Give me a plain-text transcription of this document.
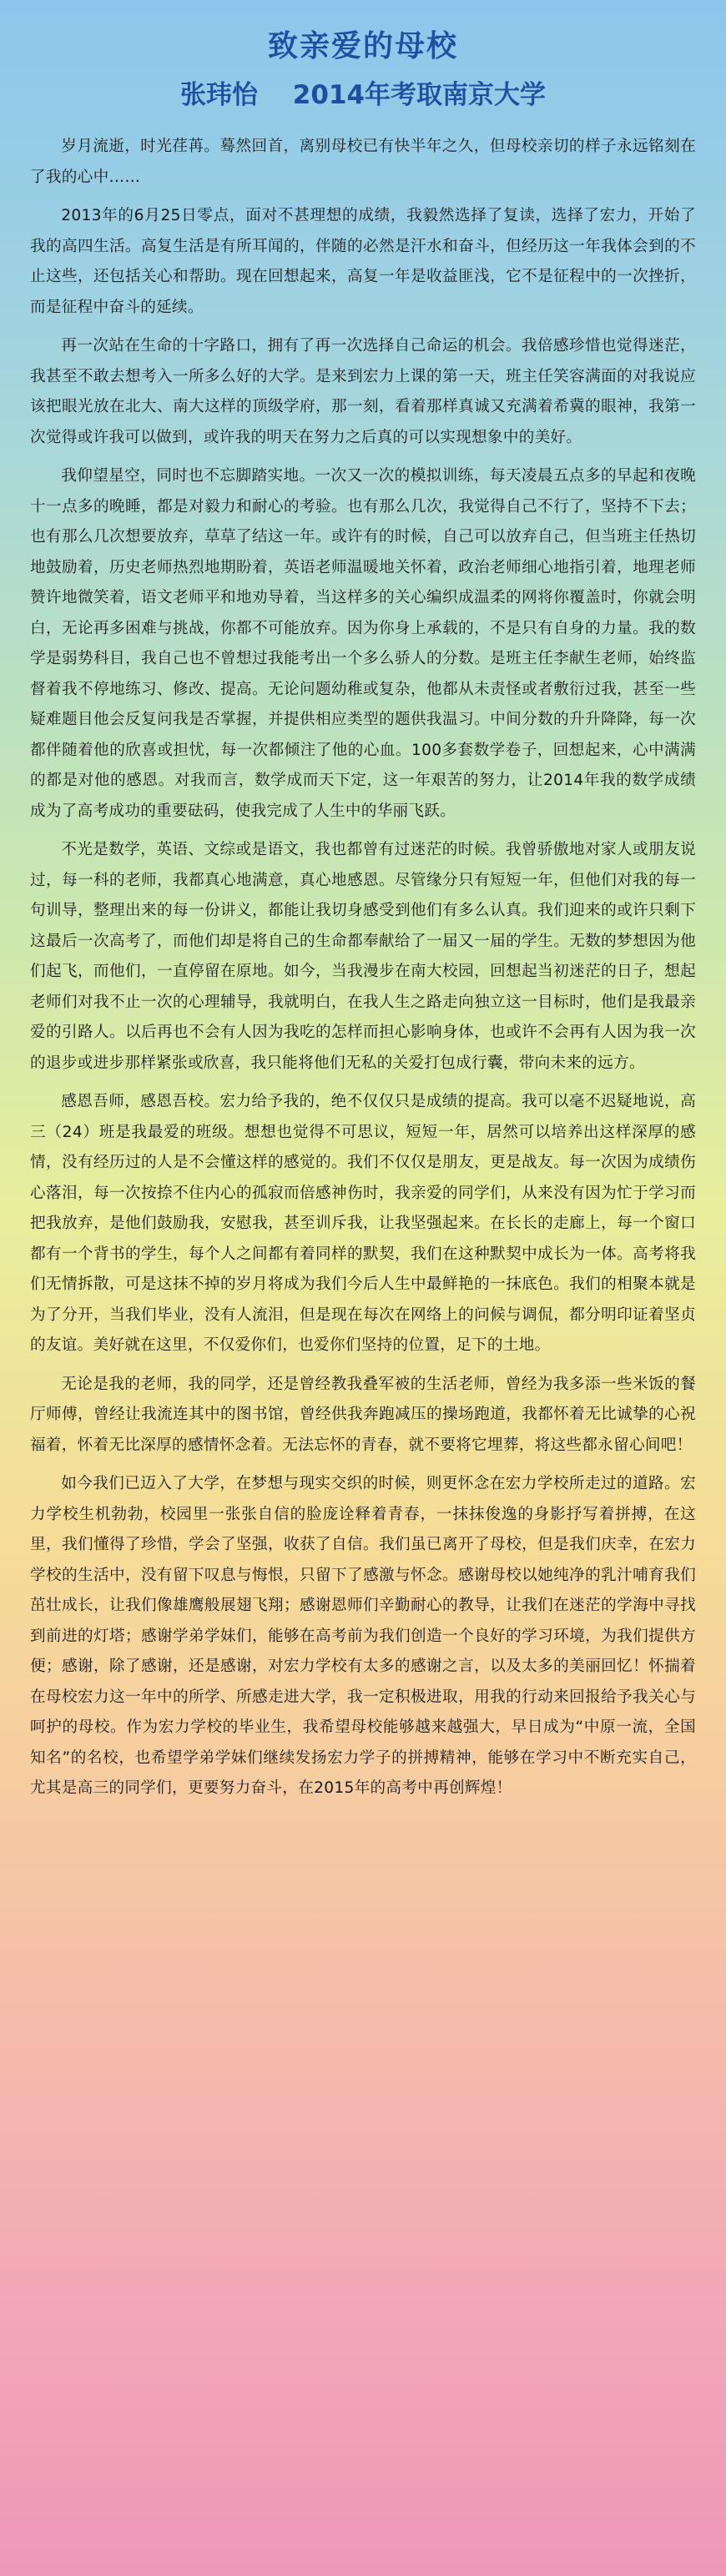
致亲爱的母校
张玮怡　 2014年考取南京大学

岁月流逝，时光荏苒。蓦然回首，离别母校已有快半年之久，但母校亲切的样子永远铭刻在了我的心中……

2013年的6月25日零点，面对不甚理想的成绩，我毅然选择了复读，选择了宏力，开始了我的高四生活。高复生活是有所耳闻的，伴随的必然是汗水和奋斗，但经历这一年我体会到的不止这些，还包括关心和帮助。现在回想起来，高复一年是收益匪浅，它不是征程中的一次挫折，而是征程中奋斗的延续。

再一次站在生命的十字路口，拥有了再一次选择自己命运的机会。我倍感珍惜也觉得迷茫，我甚至不敢去想考入一所多么好的大学。是来到宏力上课的第一天，班主任笑容满面的对我说应该把眼光放在北大、南大这样的顶级学府，那一刻，看着那样真诚又充满着希冀的眼神，我第一次觉得或许我可以做到，或许我的明天在努力之后真的可以实现想象中的美好。

我仰望星空，同时也不忘脚踏实地。一次又一次的模拟训练，每天凌晨五点多的早起和夜晚十一点多的晚睡，都是对毅力和耐心的考验。也有那么几次，我觉得自己不行了，坚持不下去；也有那么几次想要放弃，草草了结这一年。或许有的时候，自己可以放弃自己，但当班主任热切地鼓励着，历史老师热烈地期盼着，英语老师温暖地关怀着，政治老师细心地指引着，地理老师赞许地微笑着，语文老师平和地劝导着，当这样多的关心编织成温柔的网将你覆盖时，你就会明白，无论再多困难与挑战，你都不可能放弃。因为你身上承载的，不是只有自身的力量。我的数学是弱势科目，我自己也不曾想过我能考出一个多么骄人的分数。是班主任李献生老师，始终监督着我不停地练习、修改、提高。无论问题幼稚或复杂，他都从未责怪或者敷衍过我，甚至一些疑难题目他会反复问我是否掌握，并提供相应类型的题供我温习。中间分数的升升降降，每一次都伴随着他的欣喜或担忧，每一次都倾注了他的心血。100多套数学卷子，回想起来，心中满满的都是对他的感恩。对我而言，数学成而天下定，这一年艰苦的努力，让2014年我的数学成绩成为了高考成功的重要砝码，使我完成了人生中的华丽飞跃。

不光是数学，英语、文综或是语文，我也都曾有过迷茫的时候。我曾骄傲地对家人或朋友说过，每一科的老师，我都真心地满意，真心地感恩。尽管缘分只有短短一年，但他们对我的每一句训导，整理出来的每一份讲义，都能让我切身感受到他们有多么认真。我们迎来的或许只剩下这最后一次高考了，而他们却是将自己的生命都奉献给了一届又一届的学生。无数的梦想因为他们起飞，而他们，一直停留在原地。如今，当我漫步在南大校园，回想起当初迷茫的日子，想起老师们对我不止一次的心理辅导，我就明白，在我人生之路走向独立这一目标时，他们是我最亲爱的引路人。以后再也不会有人因为我吃的怎样而担心影响身体，也或许不会再有人因为我一次的退步或进步那样紧张或欣喜，我只能将他们无私的关爱打包成行囊，带向未来的远方。

感恩吾师，感恩吾校。宏力给予我的，绝不仅仅只是成绩的提高。我可以毫不迟疑地说，高三（24）班是我最爱的班级。想想也觉得不可思议，短短一年，居然可以培养出这样深厚的感情，没有经历过的人是不会懂这样的感觉的。我们不仅仅是朋友，更是战友。每一次因为成绩伤心落泪，每一次按捺不住内心的孤寂而倍感神伤时，我亲爱的同学们，从来没有因为忙于学习而把我放弃，是他们鼓励我，安慰我，甚至训斥我，让我坚强起来。在长长的走廊上，每一个窗口都有一个背书的学生，每个人之间都有着同样的默契，我们在这种默契中成长为一体。高考将我们无情拆散，可是这抹不掉的岁月将成为我们今后人生中最鲜艳的一抹底色。我们的相聚本就是为了分开，当我们毕业，没有人流泪，但是现在每次在网络上的问候与调侃，都分明印证着坚贞的友谊。美好就在这里，不仅爱你们，也爱你们坚持的位置，足下的土地。

无论是我的老师，我的同学，还是曾经教我叠军被的生活老师，曾经为我多添一些米饭的餐厅师傅，曾经让我流连其中的图书馆，曾经供我奔跑减压的操场跑道，我都怀着无比诚挚的心祝福着，怀着无比深厚的感情怀念着。无法忘怀的青春，就不要将它埋葬，将这些都永留心间吧！

如今我们已迈入了大学，在梦想与现实交织的时候，则更怀念在宏力学校所走过的道路。宏力学校生机勃勃，校园里一张张自信的脸庞诠释着青春，一抹抹俊逸的身影抒写着拼搏，在这里，我们懂得了珍惜，学会了坚强，收获了自信。我们虽已离开了母校，但是我们庆幸，在宏力学校的生活中，没有留下叹息与悔恨，只留下了感激与怀念。感谢母校以她纯净的乳汁哺育我们茁壮成长，让我们像雄鹰般展翅飞翔；感谢恩师们辛勤耐心的教导，让我们在迷茫的学海中寻找到前进的灯塔；感谢学弟学妹们，能够在高考前为我们创造一个良好的学习环境，为我们提供方便；感谢，除了感谢，还是感谢，对宏力学校有太多的感谢之言，以及太多的美丽回忆！怀揣着在母校宏力这一年中的所学、所感走进大学，我一定积极进取，用我的行动来回报给予我关心与呵护的母校。作为宏力学校的毕业生，我希望母校能够越来越强大，早日成为“中原一流，全国知名”的名校，也希望学弟学妹们继续发扬宏力学子的拼搏精神，能够在学习中不断充实自己，尤其是高三的同学们，更要努力奋斗，在2015年的高考中再创辉煌！
